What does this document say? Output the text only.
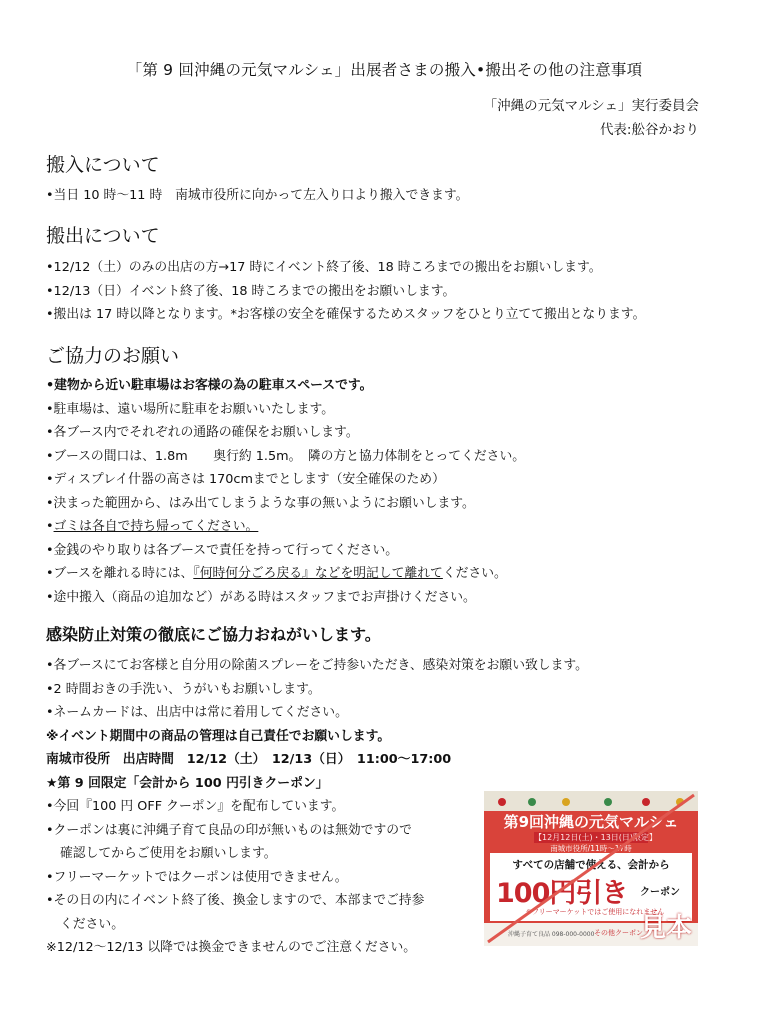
「第 9 回沖縄の元気マルシェ」出展者さまの搬入•搬出その他の注意事項
「沖縄の元気マルシェ」実行委員会
代表:舩谷かおり
搬入について
•当日 10 時～11 時　南城市役所に向かって左入り口より搬入できます。
搬出について
•12/12（土）のみの出店の方→17 時にイベント終了後、18 時ころまでの搬出をお願いします。
•12/13（日）イベント終了後、18 時ころまでの搬出をお願いします。
•搬出は 17 時以降となります。*お客様の安全を確保するためスタッフをひとり立てて搬出となります。
ご協力のお願い
•建物から近い駐車場はお客様の為の駐車スペースです。
•駐車場は、遠い場所に駐車をお願いいたします。
•各ブース内でそれぞれの通路の確保をお願いします。
•ブースの間口は、1.8m　　奥行約 1.5m。　隣の方と協力体制をとってください。
•ディスプレイ什器の高さは 170cmまでとします（安全確保のため）
•決まった範囲から、はみ出てしまうような事の無いようにお願いします。
•ゴミは各自で持ち帰ってください。
•金銭のやり取りは各ブースで責任を持って行ってください。
•ブースを離れる時には、『何時何分ごろ戻る』などを明記して離れてください。
•途中搬入（商品の追加など）がある時はスタッフまでお声掛けください。
感染防止対策の徹底にご協力おねがいします。
•各ブースにてお客様と自分用の除菌スプレーをご持参いただき、感染対策をお願い致します。
•2 時間おきの手洗い、うがいもお願いします。
•ネームカードは、出店中は常に着用してください。
※イベント期間中の商品の管理は自己責任でお願いします。
南城市役所　出店時間　12/12（土）　12/13（日）　11:00～17:00
★第 9 回限定「会計から 100 円引きクーポン」
•今回『100 円 OFF クーポン』を配布しています。
•クーポンは裏に沖縄子育て良品の印が無いものは無効ですので
確認してからご使用をお願いします。
•フリーマーケットではクーポンは使用できません。
•その日の内にイベント終了後、換金しますので、本部までご持参
ください。
※12/12～12/13 以降では換金できませんのでご注意ください。
第9回沖縄の元気マルシェ
【12月12日(土)・13日(日)限定】
南城市役所/11時～17時
すべての店舗で使える、会計から
100円引き クーポン
※フリーマーケットではご使用になれません
沖縄子育て良品 098-000-0000 その他クーポン
見本
